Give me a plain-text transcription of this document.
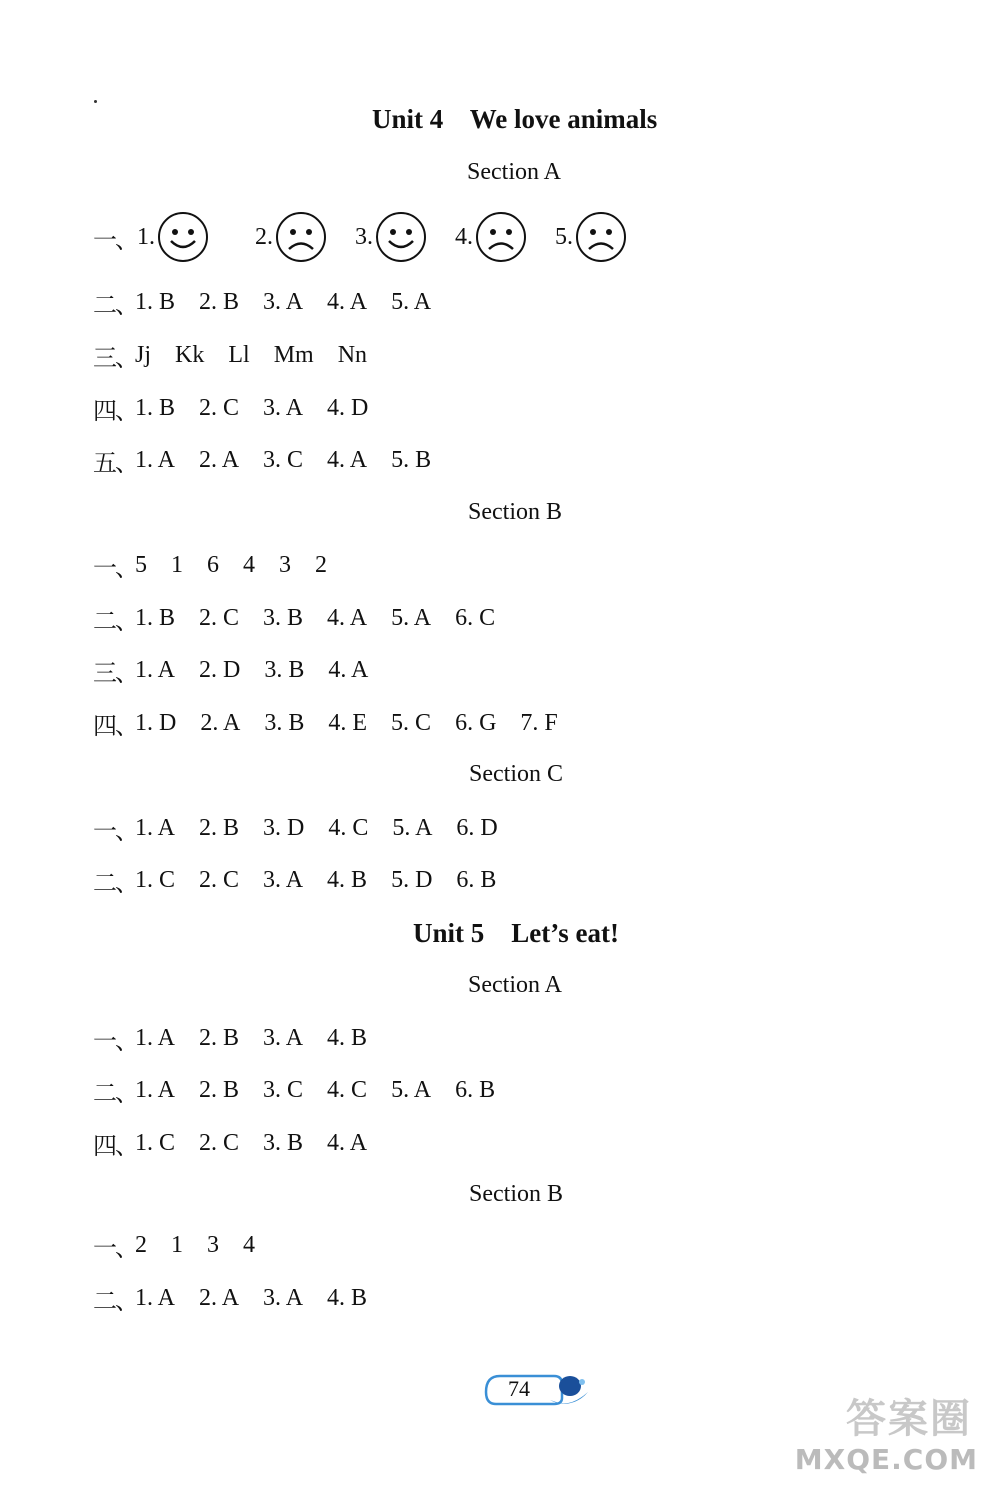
Unit 4    We love animals
Section A
一、 1.	2.	3.	4.	5.
二、
1. B 2. B 3. A 4. A 5. A
三、
Jj Kk Ll Mm Nn
四、
1. B 2. C 3. A 4. D
五、
1. A 2. A 3. C 4. A 5. B
Section B
一、
5 1 6 4 3 2
二、
1. B 2. C 3. B 4. A 5. A 6. C
三、
1. A 2. D 3. B 4. A
四、
1. D 2. A 3. B 4. E 5. C 6. G 7. F
Section C
一、
1. A 2. B 3. D 4. C 5. A 6. D
二、
1. C 2. C 3. A 4. B 5. D 6. B
Unit 5    Let’s eat!
Section A
一、
1. A 2. B 3. A 4. B
二、
1. A 2. B 3. C 4. C 5. A 6. B
四、
1. C 2. C 3. B 4. A
Section B
一、
2 1 3 4
二、
1. A 2. A 3. A 4. B
74
答案圈
MXQE.COM
